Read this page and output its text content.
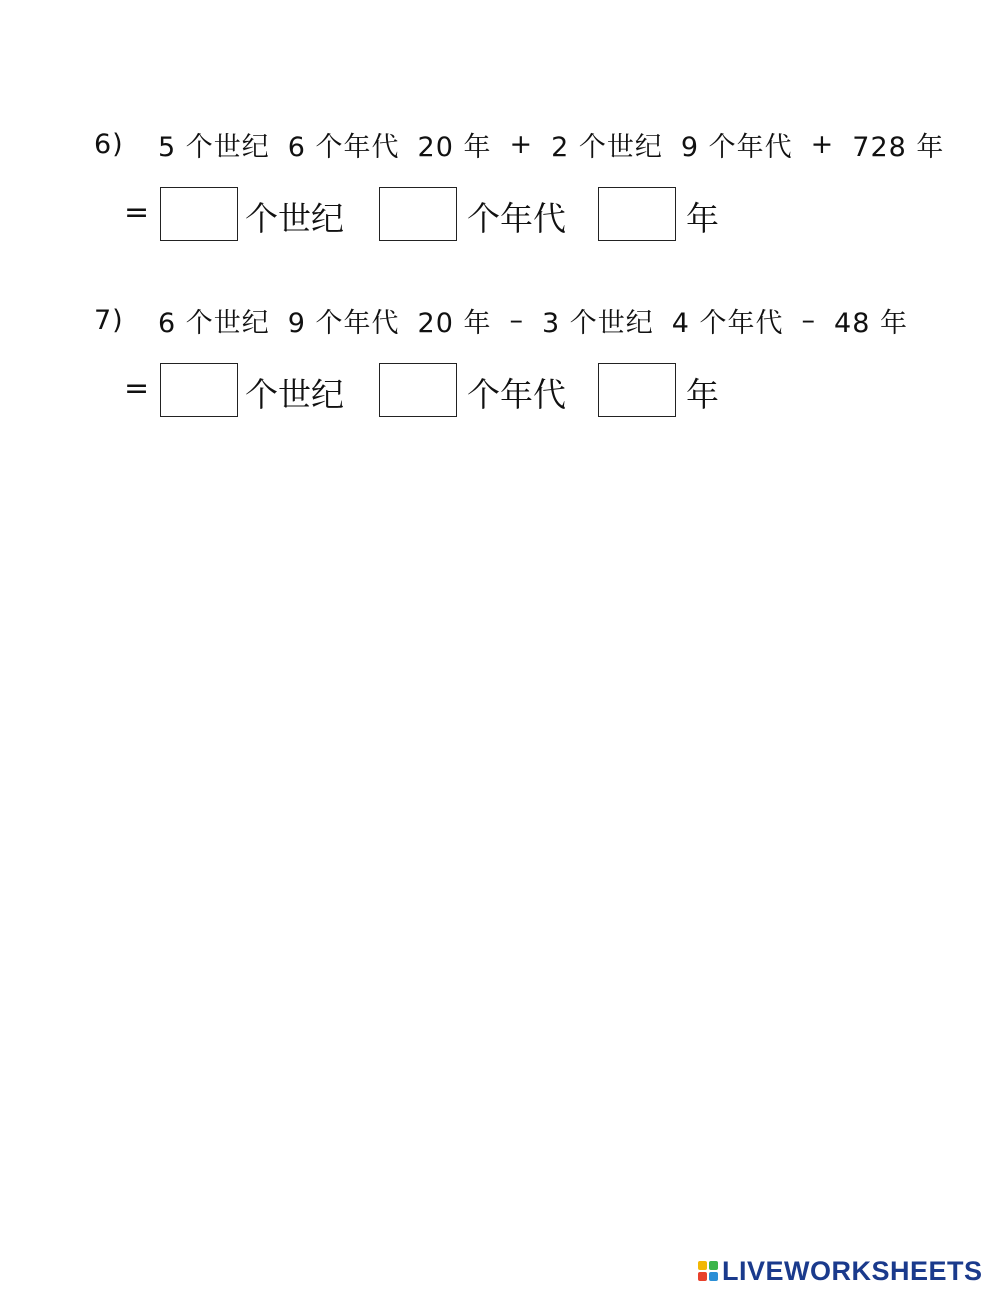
6)	5 个世纪 6 个年代 20 年 + 2 个世纪 9 个年代 + 728 年
=	个世纪	个年代	年
7)	6 个世纪 9 个年代 20 年 – 3 个世纪 4 个年代 – 48 年
=	个世纪	个年代	年
LIVEWORKSHEETS
